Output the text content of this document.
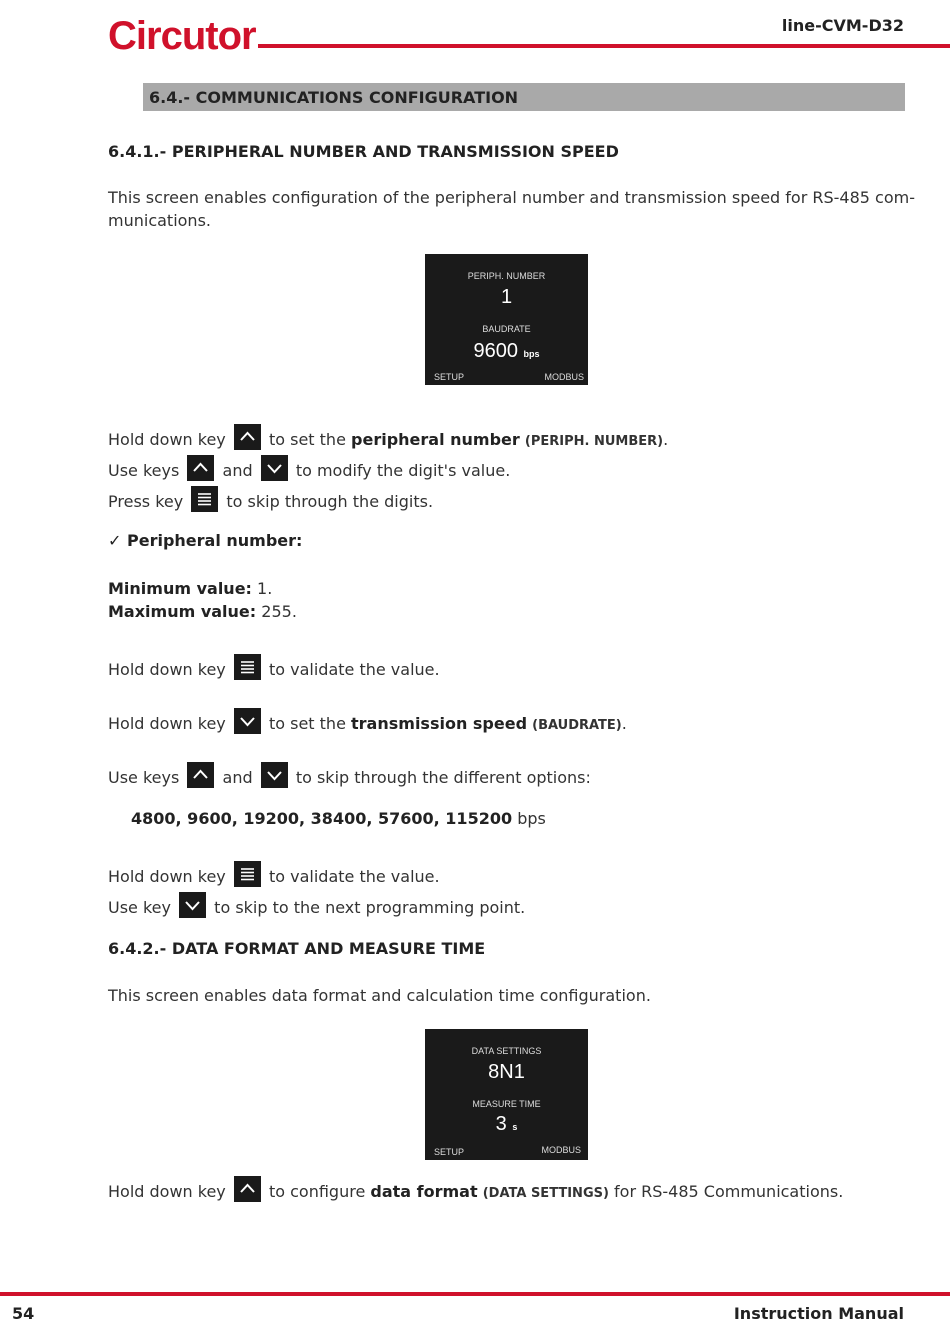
Circutor	line-CVM-D32
6.4.- COMMUNICATIONS CONFIGURATION
6.4.1.- PERIPHERAL NUMBER AND TRANSMISSION SPEED
This screen enables configuration of the peripheral number and transmission speed for RS-485 com-
munications.
PERIPH. NUMBER
1
BAUDRATE
9600 bps
SETUP	MODBUS
Hold down key	to set the peripheral number (PERIPH. NUMBER).
Use keys	and	to modify the digit's value.
Press key	to skip through the digits.
✓ Peripheral number:
Minimum value: 1.
Maximum value: 255.
Hold down key	to validate the value.
Hold down key	to set the transmission speed (BAUDRATE).
Use keys	and	to skip through the different options:
4800, 9600, 19200, 38400, 57600, 115200 bps
Hold down key	to validate the value.
Use key	to skip to the next programming point.
6.4.2.- DATA FORMAT AND MEASURE TIME
This screen enables data format and calculation time configuration.
DATA SETTINGS
8N1
MEASURE TIME
3 s
SETUP	MODBUS
Hold down key	to configure data format (DATA SETTINGS) for RS-485 Communications.
54	Instruction Manual
